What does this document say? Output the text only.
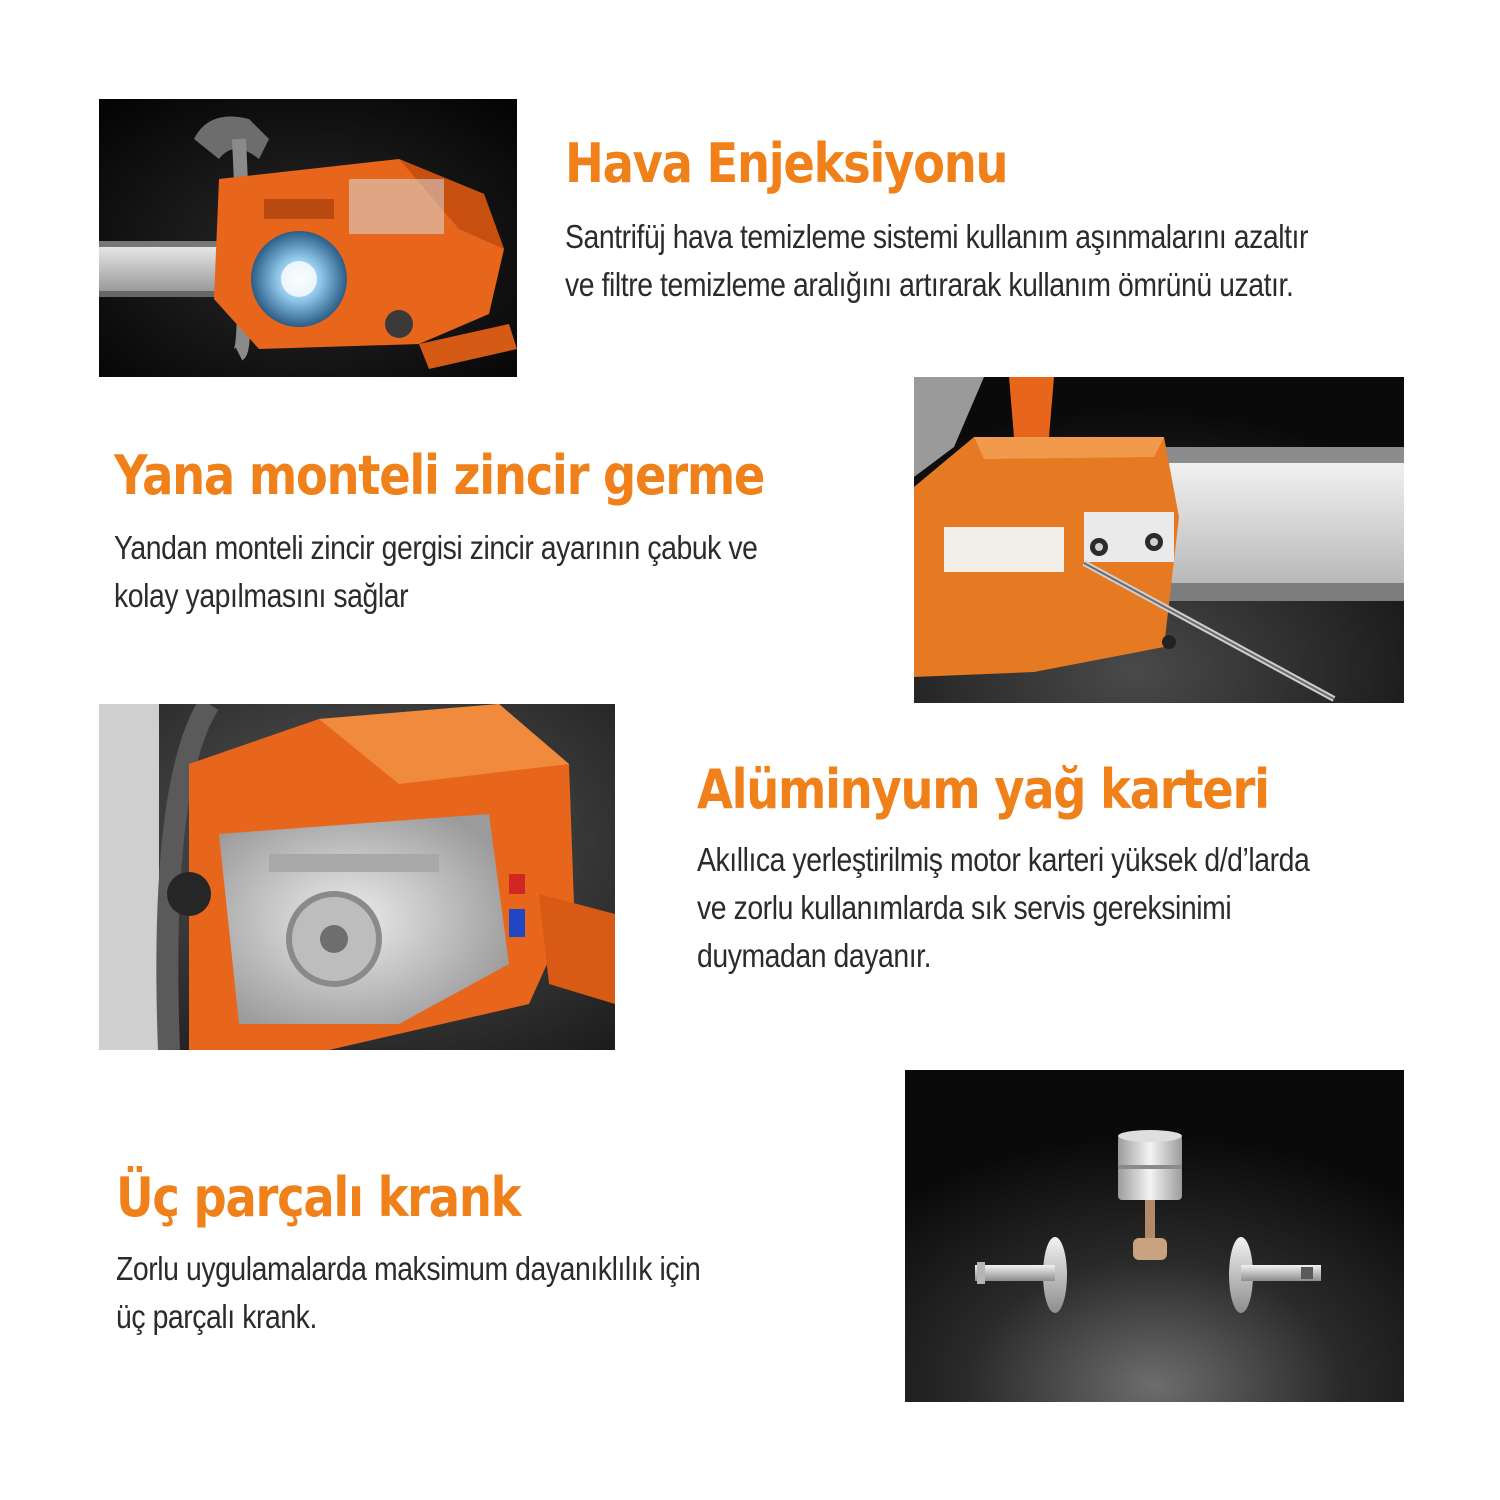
Hava Enjeksiyonu

Santrifüj hava temizleme sistemi kullanım aşınmalarını azaltır
ve filtre temizleme aralığını artırarak kullanım ömrünü uzatır.

Yana monteli zincir germe

Yandan monteli zincir gergisi zincir ayarının çabuk ve
kolay yapılmasını sağlar

Alüminyum yağ karteri

Akıllıca yerleştirilmiş motor karteri yüksek d/d’larda
ve zorlu kullanımlarda sık servis gereksinimi
duymadan dayanır.

Üç parçalı krank

Zorlu uygulamalarda maksimum dayanıklılık için
üç parçalı krank.
